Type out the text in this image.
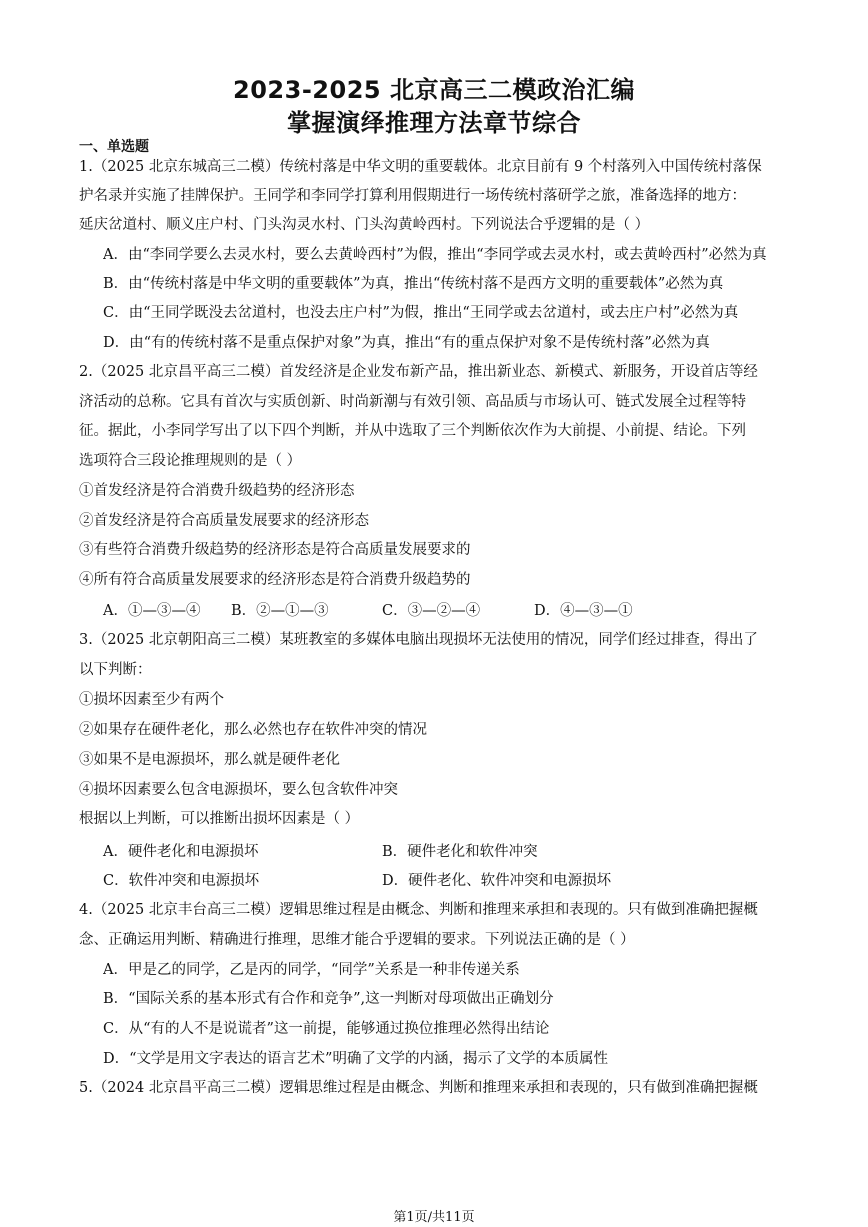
2023-2025 北京高三二模政治汇编
掌握演绎推理方法章节综合
一、单选题
1.（2025 北京东城高三二模）传统村落是中华文明的重要载体。北京目前有 9 个村落列入中国传统村落保
护名录并实施了挂牌保护。王同学和李同学打算利用假期进行一场传统村落研学之旅，准备选择的地方：
延庆岔道村、顺义庄户村、门头沟灵水村、门头沟黄岭西村。下列说法合乎逻辑的是（ ）
A．由“李同学要么去灵水村，要么去黄岭西村”为假，推出“李同学或去灵水村，或去黄岭西村”必然为真
B．由“传统村落是中华文明的重要载体”为真，推出“传统村落不是西方文明的重要载体”必然为真
C．由“王同学既没去岔道村，也没去庄户村”为假，推出“王同学或去岔道村，或去庄户村”必然为真
D．由“有的传统村落不是重点保护对象”为真，推出“有的重点保护对象不是传统村落”必然为真
2.（2025 北京昌平高三二模）首发经济是企业发布新产品，推出新业态、新模式、新服务，开设首店等经
济活动的总称。它具有首次与实质创新、时尚新潮与有效引领、高品质与市场认可、链式发展全过程等特
征。据此，小李同学写出了以下四个判断，并从中选取了三个判断依次作为大前提、小前提、结论。下列
选项符合三段论推理规则的是（ ）
①首发经济是符合消费升级趋势的经济形态
②首发经济是符合高质量发展要求的经济形态
③有些符合消费升级趋势的经济形态是符合高质量发展要求的
④所有符合高质量发展要求的经济形态是符合消费升级趋势的
A．①—③—④ B．②—①—③	C．③—②—④	D．④—③—①
3.（2025 北京朝阳高三二模）某班教室的多媒体电脑出现损坏无法使用的情况，同学们经过排查，得出了
以下判断：
①损坏因素至少有两个
②如果存在硬件老化，那么必然也存在软件冲突的情况
③如果不是电源损坏，那么就是硬件老化
④损坏因素要么包含电源损坏，要么包含软件冲突
根据以上判断，可以推断出损坏因素是（ ）
A．硬件老化和电源损坏	B．硬件老化和软件冲突
C．软件冲突和电源损坏	D．硬件老化、软件冲突和电源损坏
4.（2025 北京丰台高三二模）逻辑思维过程是由概念、判断和推理来承担和表现的。只有做到准确把握概
念、正确运用判断、精确进行推理，思维才能合乎逻辑的要求。下列说法正确的是（ ）
A．甲是乙的同学，乙是丙的同学，“同学”关系是一种非传递关系
B．“国际关系的基本形式有合作和竞争”,这一判断对母项做出正确划分
C．从“有的人不是说谎者”这一前提，能够通过换位推理必然得出结论
D．“文学是用文字表达的语言艺术”明确了文学的内涵，揭示了文学的本质属性
5.（2024 北京昌平高三二模）逻辑思维过程是由概念、判断和推理来承担和表现的，只有做到准确把握概
第1页/共11页
